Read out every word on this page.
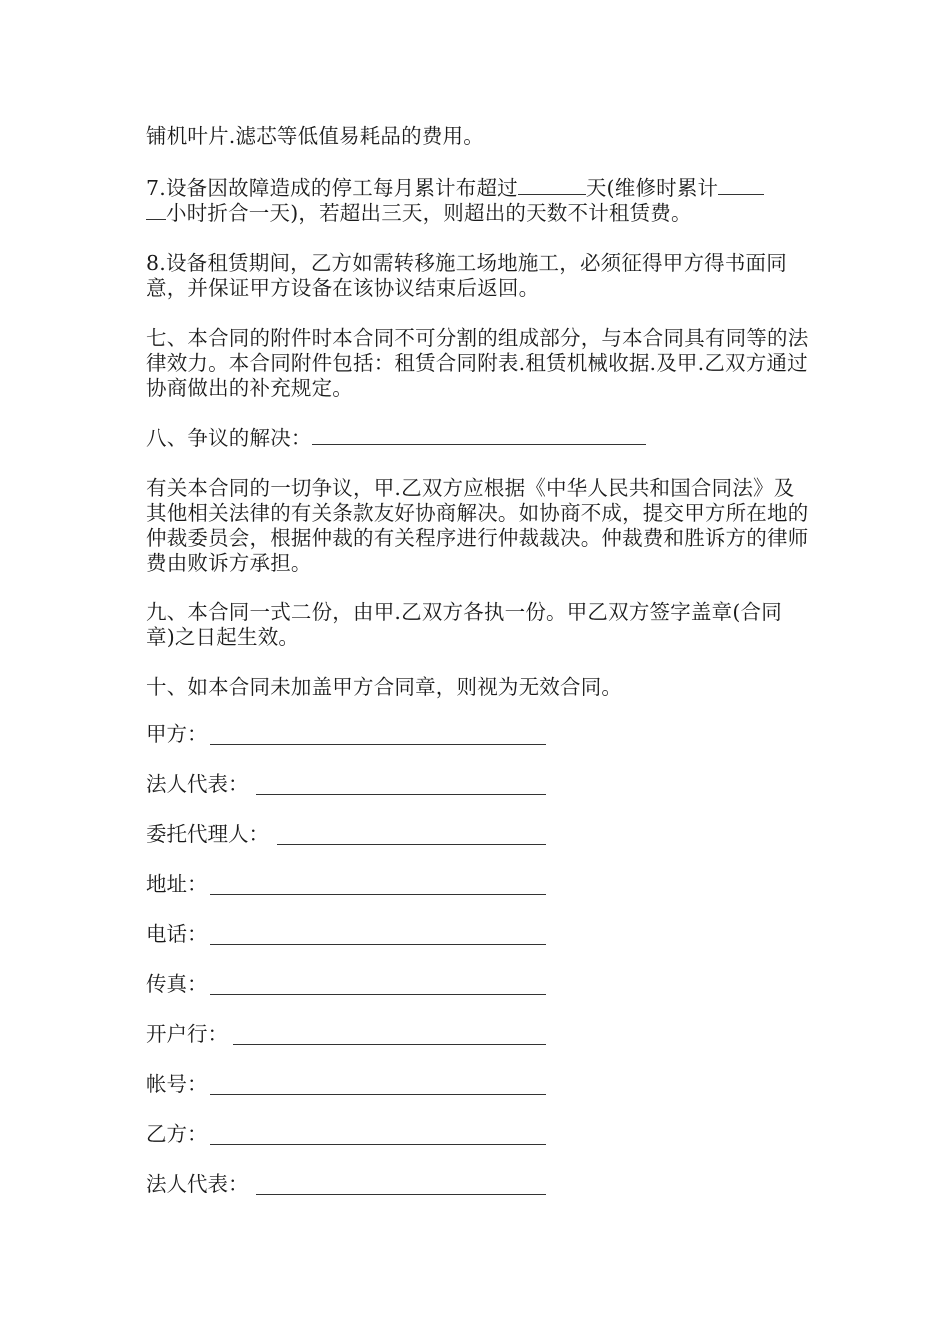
铺机叶片.滤芯等低值易耗品的费用。

7.设备因故障造成的停工每月累计布超过	天(维修时累计
小时折合一天)，若超出三天，则超出的天数不计租赁费。

8.设备租赁期间，乙方如需转移施工场地施工，必须征得甲方得书面同意，并保证甲方设备在该协议结束后返回。

七、本合同的附件时本合同不可分割的组成部分，与本合同具有同等的法律效力。本合同附件包括：租赁合同附表.租赁机械收据.及甲.乙双方通过协商做出的补充规定。

八、争议的解决：

有关本合同的一切争议，甲.乙双方应根据《中华人民共和国合同法》及其他相关法律的有关条款友好协商解决。如协商不成，提交甲方所在地的仲裁委员会，根据仲裁的有关程序进行仲裁裁决。仲裁费和胜诉方的律师费由败诉方承担。

九、本合同一式二份，由甲.乙双方各执一份。甲乙双方签字盖章(合同章)之日起生效。

十、如本合同未加盖甲方合同章，则视为无效合同。

甲方：
法人代表：
委托代理人：
地址：
电话：
传真：
开户行：
帐号：
乙方：
法人代表：
